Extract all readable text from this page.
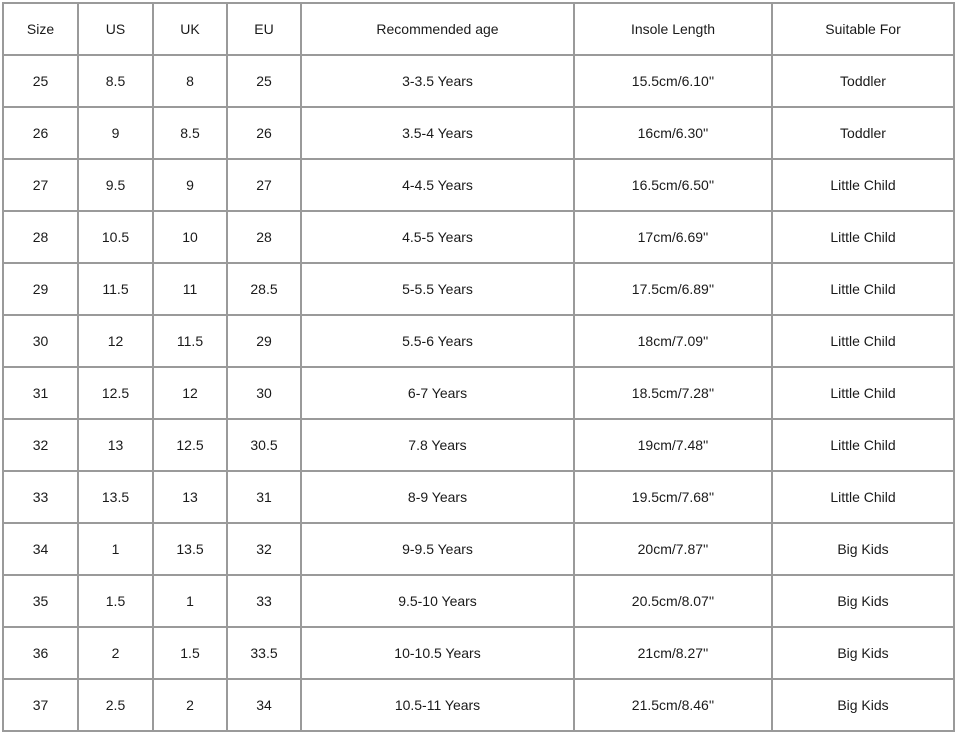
Size	US	UK	EU	Recommended age	Insole Length	Suitable For
25	8.5	8	25	3-3.5 Years	15.5cm/6.10''	Toddler
26	9	8.5	26	3.5-4 Years	16cm/6.30''	Toddler
27	9.5	9	27	4-4.5 Years	16.5cm/6.50''	Little Child
28	10.5	10	28	4.5-5 Years	17cm/6.69''	Little Child
29	11.5	11	28.5	5-5.5 Years	17.5cm/6.89''	Little Child
30	12	11.5	29	5.5-6 Years	18cm/7.09''	Little Child
31	12.5	12	30	6-7 Years	18.5cm/7.28''	Little Child
32	13	12.5	30.5	7.8 Years	19cm/7.48''	Little Child
33	13.5	13	31	8-9 Years	19.5cm/7.68''	Little Child
34	1	13.5	32	9-9.5 Years	20cm/7.87''	Big Kids
35	1.5	1	33	9.5-10 Years	20.5cm/8.07''	Big Kids
36	2	1.5	33.5	10-10.5 Years	21cm/8.27''	Big Kids
37	2.5	2	34	10.5-11 Years	21.5cm/8.46''	Big Kids
